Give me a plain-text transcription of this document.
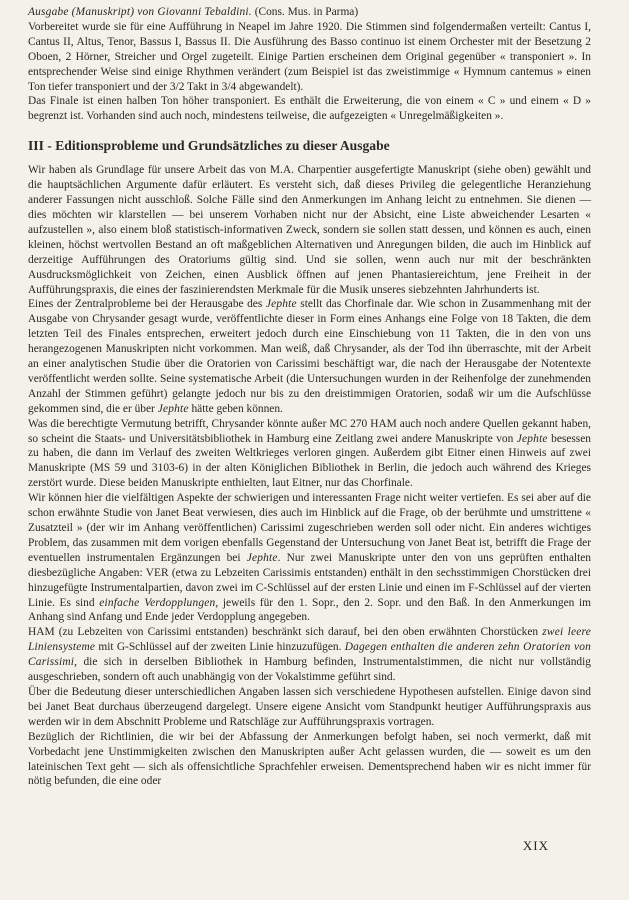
Ausgabe (Manuskript) von Giovanni Tebaldini. (Cons. Mus. in Parma)
Vorbereitet wurde sie für eine Aufführung in Neapel im Jahre 1920. Die Stimmen sind folgendermaßen verteilt: Cantus I, Cantus II, Altus, Tenor, Bassus I, Bassus II. Die Ausführung des Basso continuo ist einem Orchester mit der Besetzung 2 Oboen, 2 Hörner, Streicher und Orgel zugeteilt. Einige Partien erscheinen dem Original gegenüber « transponiert ». In entsprechender Weise sind einige Rhythmen verändert (zum Beispiel ist das zweistimmige « Hymnum cantemus » einen Ton tiefer transponiert und der 3/2 Takt in 3/4 abgewandelt).

Das Finale ist einen halben Ton höher transponiert. Es enthält die Erweiterung, die von einem « C » und einem « D » begrenzt ist. Vorhanden sind auch noch, mindestens teilweise, die aufgezeigten « Unregelmäßigkeiten ».

III - Editionsprobleme und Grundsätzliches zu dieser Ausgabe

Wir haben als Grundlage für unsere Arbeit das von M.A. Charpentier ausgefertigte Manuskript (siehe oben) gewählt und die hauptsächlichen Argumente dafür erläutert. Es versteht sich, daß dieses Privileg die gelegentliche Heranziehung anderer Fassungen nicht ausschloß. Solche Fälle sind den Anmerkungen im Anhang leicht zu entnehmen. Sie dienen — dies möchten wir klarstellen — bei unserem Vorhaben nicht nur der Absicht, eine Liste abweichender Lesarten « aufzustellen », also einem bloß statistisch-informativen Zweck, sondern sie sollen statt dessen, und können es auch, einen kleinen, höchst wertvollen Bestand an oft maßgeblichen Alternativen und Anregungen bilden, die auch im Hinblick auf derzeitige Aufführungen des Oratoriums gültig sind. Und sie sollen, wenn auch nur mit der beschränkten Ausdrucksmöglichkeit von Zeichen, einen Ausblick öffnen auf jenen Phantasiereichtum, jene Freiheit in der Aufführungspraxis, die eines der faszinierendsten Merkmale für die Musik unseres siebzehnten Jahrhunderts ist.

Eines der Zentralprobleme bei der Herausgabe des Jephte stellt das Chorfinale dar. Wie schon in Zusammenhang mit der Ausgabe von Chrysander gesagt wurde, veröffentlichte dieser in Form eines Anhangs eine Folge von 18 Takten, die dem letzten Teil des Finales entsprechen, erweitert jedoch durch eine Einschiebung von 11 Takten, die in den von uns herangezogenen Manuskripten nicht vorkommen. Man weiß, daß Chrysander, als der Tod ihn überraschte, mit der Arbeit an einer analytischen Studie über die Oratorien von Carissimi beschäftigt war, die nach der Herausgabe der Notentexte veröffentlicht werden sollte. Seine systematische Arbeit (die Untersuchungen wurden in der Reihenfolge der zunehmenden Anzahl der Stimmen geführt) gelangte jedoch nur bis zu den dreistimmigen Oratorien, sodaß wir um die Aufschlüsse gekommen sind, die er über Jephte hätte geben können.

Was die berechtigte Vermutung betrifft, Chrysander könnte außer MC 270 HAM auch noch andere Quellen gekannt haben, so scheint die Staats- und Universitätsbibliothek in Hamburg eine Zeitlang zwei andere Manuskripte von Jephte besessen zu haben, die dann im Verlauf des zweiten Weltkrieges verloren gingen. Außerdem gibt Eitner einen Hinweis auf zwei Manuskripte (MS 59 und 3103-6) in der alten Königlichen Bibliothek in Berlin, die jedoch auch während des Krieges zerstört wurde. Diese beiden Manuskripte enthielten, laut Eitner, nur das Chorfinale.

Wir können hier die vielfältigen Aspekte der schwierigen und interessanten Frage nicht weiter vertiefen. Es sei aber auf die schon erwähnte Studie von Janet Beat verwiesen, dies auch im Hinblick auf die Frage, ob der berühmte und umstrittene « Zusatzteil » (der wir im Anhang veröffentlichen) Carissimi zugeschrieben werden soll oder nicht. Ein anderes wichtiges Problem, das zusammen mit dem vorigen ebenfalls Gegenstand der Untersuchung von Janet Beat ist, betrifft die Frage der eventuellen instrumentalen Ergänzungen bei Jephte. Nur zwei Manuskripte unter den von uns geprüften enthalten diesbezügliche Angaben: VER (etwa zu Lebzeiten Carissimis entstanden) enthält in den sechsstimmigen Chorstücken drei hinzugefügte Instrumentalpartien, davon zwei im C-Schlüssel auf der ersten Linie und einen im F-Schlüssel auf der vierten Linie. Es sind einfache Verdopplungen, jeweils für den 1. Sopr., den 2. Sopr. und den Baß. In den Anmerkungen im Anhang sind Anfang und Ende jeder Verdopplung angegeben.

HAM (zu Lebzeiten von Carissimi entstanden) beschränkt sich darauf, bei den oben erwähnten Chorstücken zwei leere Liniensysteme mit G-Schlüssel auf der zweiten Linie hinzuzufügen. Dagegen enthalten die anderen zehn Oratorien von Carissimi, die sich in derselben Bibliothek in Hamburg befinden, Instrumentalstimmen, die nicht nur vollständig ausgeschrieben, sondern oft auch unabhängig von der Vokalstimme geführt sind.

Über die Bedeutung dieser unterschiedlichen Angaben lassen sich verschiedene Hypothesen aufstellen. Einige davon sind bei Janet Beat durchaus überzeugend dargelegt. Unsere eigene Ansicht vom Standpunkt heutiger Aufführungspraxis aus werden wir in dem Abschnitt Probleme und Ratschläge zur Aufführungspraxis vortragen.

Bezüglich der Richtlinien, die wir bei der Abfassung der Anmerkungen befolgt haben, sei noch vermerkt, daß mit Vorbedacht jene Unstimmigkeiten zwischen den Manuskripten außer Acht gelassen wurden, die — soweit es um den lateinischen Text geht — sich als offensichtliche Sprachfehler erweisen. Dementsprechend haben wir es nicht immer für nötig befunden, die eine oder

XIX
